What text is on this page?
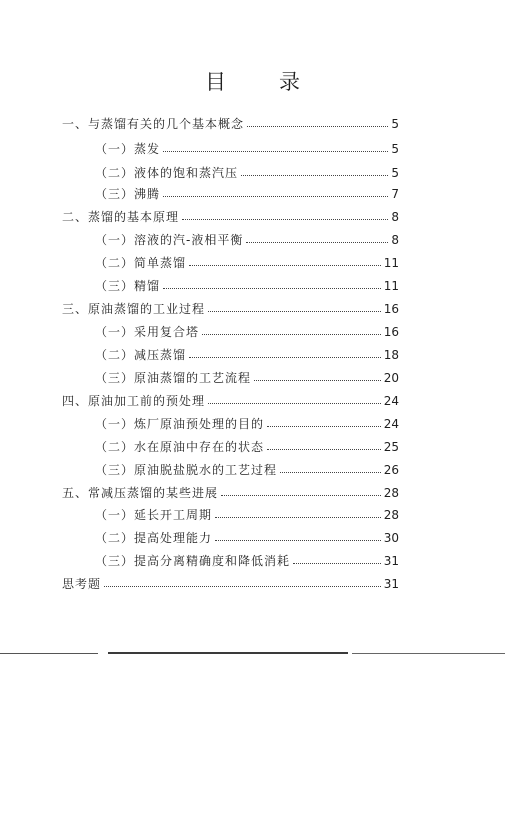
目　录
一、与蒸馏有关的几个基本概念	5
（一）蒸发	5
（二）液体的饱和蒸汽压	5
（三）沸腾	7
二、蒸馏的基本原理	8
（一）溶液的汽-液相平衡	8
（二）简单蒸馏	11
（三）精馏	11
三、原油蒸馏的工业过程	16
（一）采用复合塔	16
（二）减压蒸馏	18
（三）原油蒸馏的工艺流程	20
四、原油加工前的预处理	24
（一）炼厂原油预处理的目的	24
（二）水在原油中存在的状态	25
（三）原油脱盐脱水的工艺过程	26
五、常减压蒸馏的某些进展	28
（一）延长开工周期	28
（二）提高处理能力	30
（三）提高分离精确度和降低消耗	31
思考题	31
